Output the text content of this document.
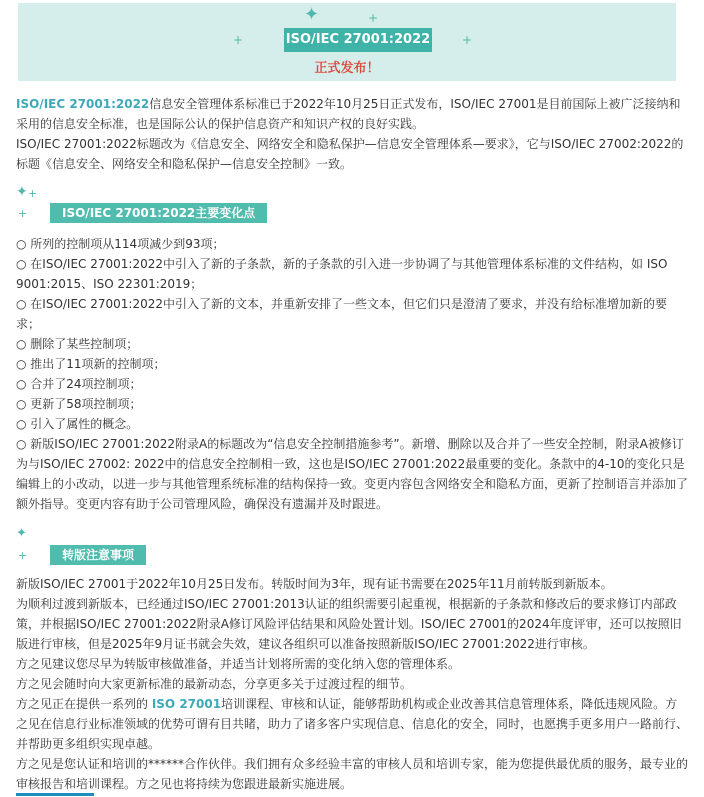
✦
+
+
+
ISO/IEC 27001:2022
正式发布！
ISO/IEC 27001:2022信息安全管理体系标准已于2022年10月25日正式发布，ISO/IEC 27001是目前国际上被广泛接纳和采用的信息安全标准，也是国际公认的保护信息资产和知识产权的良好实践。
ISO/IEC 27001:2022标题改为《信息安全、网络安全和隐私保护—信息安全管理体系—要求》，它与ISO/IEC 27002:2022的标题《信息安全、网络安全和隐私保护—信息安全控制》一致。
✦ +
+	ISO/IEC 27001:2022主要变化点
○ 所列的控制项从114项减少到93项；
○ 在ISO/IEC 27001:2022中引入了新的子条款，新的子条款的引入进一步协调了与其他管理体系标准的文件结构，如 ISO 9001:2015、ISO 22301:2019；
○ 在ISO/IEC 27001:2022中引入了新的文本，并重新安排了一些文本，但它们只是澄清了要求，并没有给标准增加新的要求；
○ 删除了某些控制项；
○ 推出了11项新的控制项；
○ 合并了24项控制项；
○ 更新了58项控制项；
○ 引入了属性的概念。
○ 新版ISO/IEC 27001:2022附录A的标题改为“信息安全控制措施参考”。新增、删除以及合并了一些安全控制，附录A被修订为与ISO/IEC 27002: 2022中的信息安全控制相一致，这也是ISO/IEC 27001:2022最重要的变化。条款中的4-10的变化只是编辑上的小改动，以进一步与其他管理系统标准的结构保持一致。变更内容包含网络安全和隐私方面，更新了控制语言并添加了额外指导。变更内容有助于公司管理风险，确保没有遗漏并及时跟进。
✦
+	转版注意事项
新版ISO/IEC 27001于2022年10月25日发布。转版时间为3年，现有证书需要在2025年11月前转版到新版本。
为顺利过渡到新版本，已经通过ISO/IEC 27001:2013认证的组织需要引起重视，根据新的子条款和修改后的要求修订内部政策，并根据ISO/IEC 27001:2022附录A修订风险评估结果和风险处置计划。ISO/IEC 27001的2024年度评审，还可以按照旧版进行审核，但是2025年9月证书就会失效，建议各组织可以准备按照新版ISO/IEC 27001:2022进行审核。
方之见建议您尽早为转版审核做准备，并适当计划将所需的变化纳入您的管理体系。
方之见会随时向大家更新标准的最新动态，分享更多关于过渡过程的细节。
方之见正在提供一系列的 ISO 27001培训课程、审核和认证，能够帮助机构或企业改善其信息管理体系，降低违规风险。方之见在信息行业标准领域的优势可谓有目共睹，助力了诸多客户实现信息、信息化的安全，同时，也愿携手更多用户一路前行、并帮助更多组织实现卓越。
方之见是您认证和培训的******合作伙伴。我们拥有众多经验丰富的审核人员和培训专家，能为您提供最优质的服务，最专业的审核报告和培训课程。方之见也将持续为您跟进最新实施进展。
